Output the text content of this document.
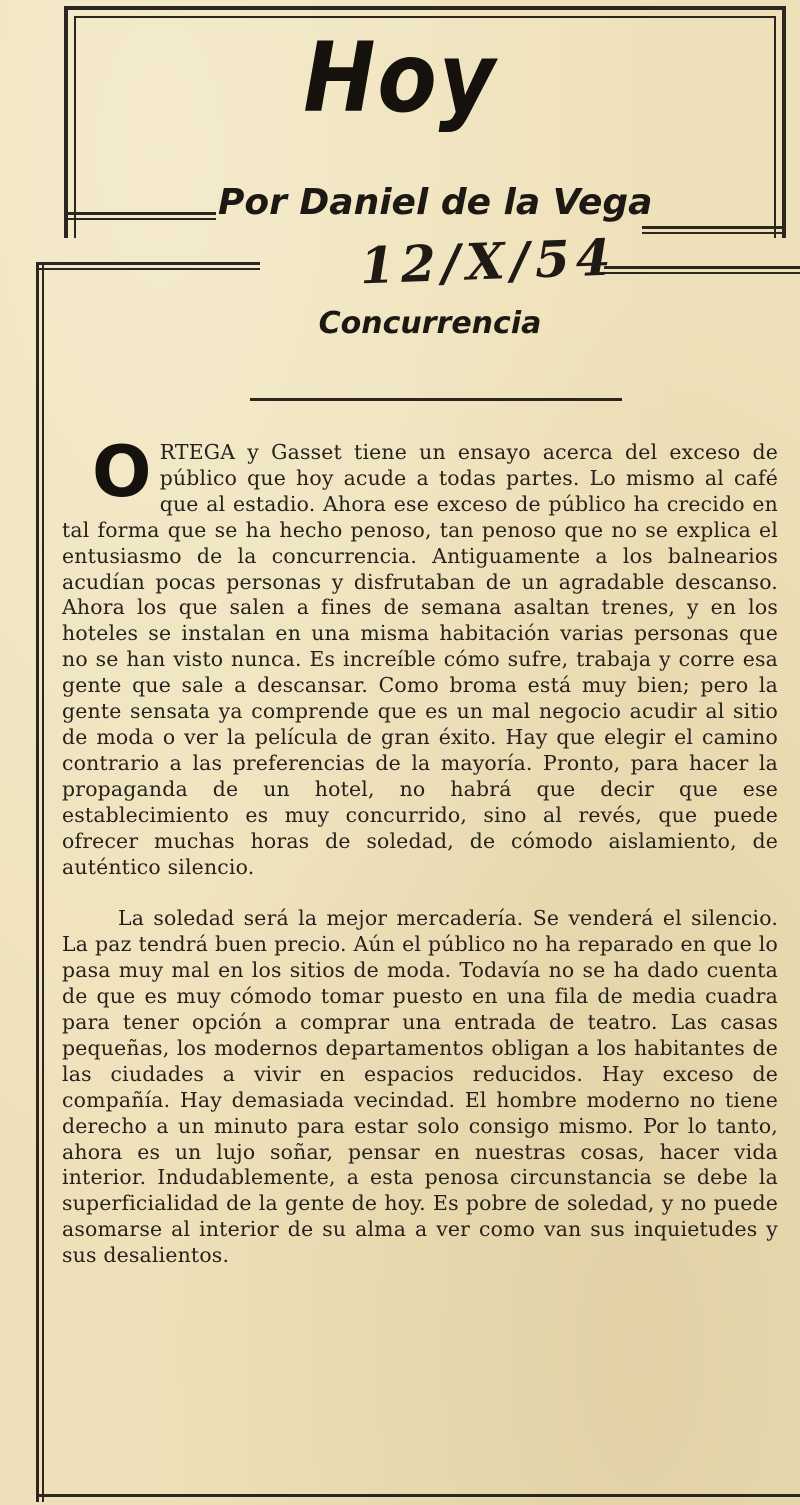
Hoy
Por Daniel de la Vega
12/X/54
Concurrencia

ORTEGA y Gasset tiene un ensayo acerca del exceso de público que hoy acude a todas partes. Lo mismo al café que al estadio. Ahora ese exceso de público ha crecido en tal forma que se ha hecho penoso, tan penoso que no se explica el entusiasmo de la concurrencia. Antiguamente a los balnearios acudían pocas personas y disfrutaban de un agradable descanso. Ahora los que salen a fines de semana asaltan trenes, y en los hoteles se instalan en una misma habitación varias personas que no se han visto nunca. Es increíble cómo sufre, trabaja y corre esa gente que sale a descansar. Como broma está muy bien; pero la gente sensata ya comprende que es un mal negocio acudir al sitio de moda o ver la película de gran éxito. Hay que elegir el camino contrario a las preferencias de la mayoría. Pronto, para hacer la propaganda de un hotel, no habrá que decir que ese establecimiento es muy concurrido, sino al revés, que puede ofrecer muchas horas de soledad, de cómodo aislamiento, de auténtico silencio.

La soledad será la mejor mercadería. Se venderá el silencio. La paz tendrá buen precio. Aún el público no ha reparado en que lo pasa muy mal en los sitios de moda. Todavía no se ha dado cuenta de que es muy cómodo tomar puesto en una fila de media cuadra para tener opción a comprar una entrada de teatro. Las casas pequeñas, los modernos departamentos obligan a los habitantes de las ciudades a vivir en espacios reducidos. Hay exceso de compañía. Hay demasiada vecindad. El hombre moderno no tiene derecho a un minuto para estar solo consigo mismo. Por lo tanto, ahora es un lujo soñar, pensar en nuestras cosas, hacer vida interior. Indudablemente, a esta penosa circunstancia se debe la superficialidad de la gente de hoy. Es pobre de soledad, y no puede asomarse al interior de su alma a ver como van sus inquietudes y sus desalientos.
